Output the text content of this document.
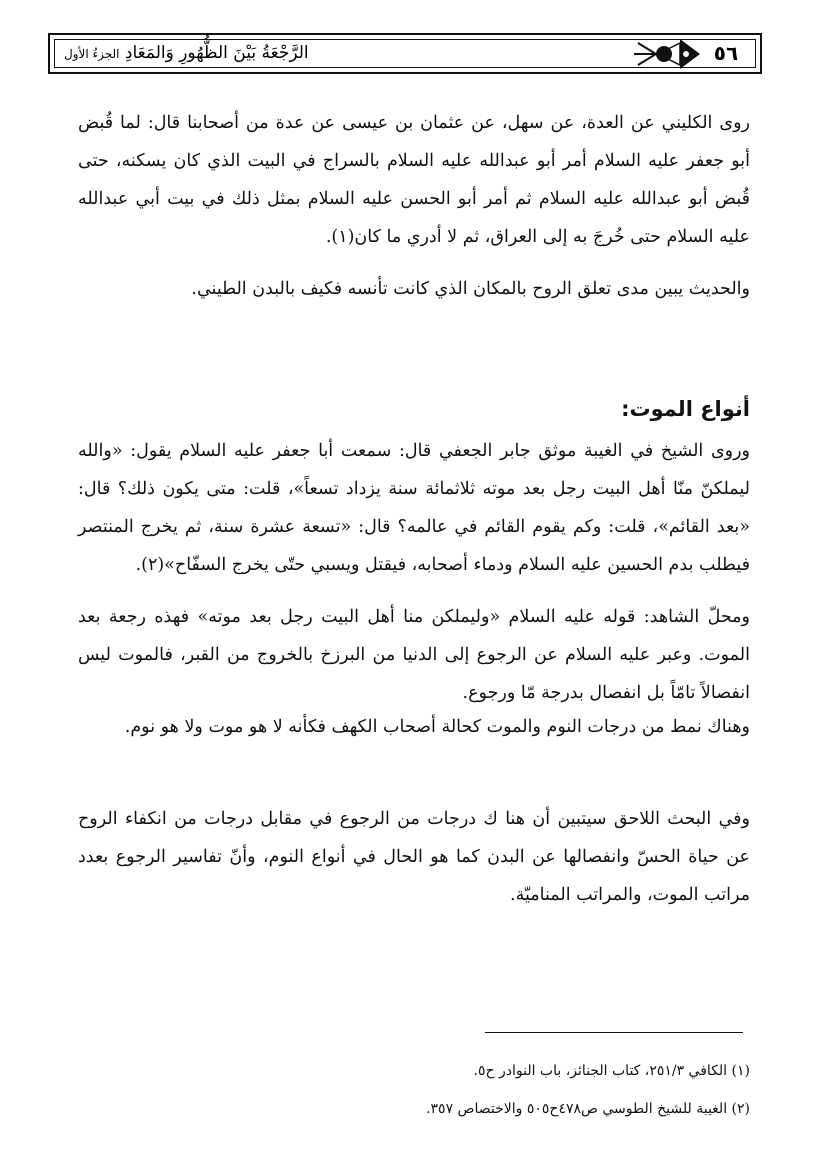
٥٦
الرَّجْعَةُ بَيْنَ الظُّهُورِ وَالمَعَادِ الجزءُ الأول

روى الكليني عن العدة، عن سهل، عن عثمان بن عيسى عن عدة من أصحابنا قال: لما قُبض أبو جعفر عليه السلام أمر أبو عبدالله عليه السلام بالسراج في البيت الذي كان يسكنه، حتى قُبض أبو عبدالله عليه السلام ثم أمر أبو الحسن عليه السلام بمثل ذلك في بيت أبي عبدالله عليه السلام حتى خُرجَ به إلى العراق، ثم لا أدري ما كان(١).

والحديث يبين مدى تعلق الروح بالمكان الذي كانت تأنسه فكيف بالبدن الطيني.

أنواع الموت:

وروى الشيخ في الغيبة موثق جابر الجعفي قال: سمعت أبا جعفر عليه السلام يقول: «والله ليملكنّ منّا أهل البيت رجل بعد موته ثلاثمائة سنة يزداد تسعاً»، قلت: متى يكون ذلك؟ قال: «بعد القائم»، قلت: وكم يقوم القائم في عالمه؟ قال: «تسعة عشرة سنة، ثم يخرج المنتصر فيطلب بدم الحسين عليه السلام ودماء أصحابه، فيقتل ويسبي حتّى يخرج السفّاح»(٢).

ومحلّ الشاهد: قوله عليه السلام «وليملكن منا أهل البيت رجل بعد موته» فهذه رجعة بعد الموت. وعبر عليه السلام عن الرجوع إلى الدنيا من البرزخ بالخروج من القبر، فالموت ليس انفصالاً تامّاً بل انفصال بدرجة مّا ورجوع.

وهناك نمط من درجات النوم والموت كحالة أصحاب الكهف فكأنه لا هو موت ولا هو نوم.

وفي البحث اللاحق سيتبين أن هنا ك درجات من الرجوع في مقابل درجات من انكفاء الروح عن حياة الحسّ وانفصالها عن البدن كما هو الحال في أنواع النوم، وأنّ تفاسير الرجوع بعدد مراتب الموت، والمراتب المناميّة.

(١) الكافي ٢٥١/٣، كتاب الجنائز، باب النوادر ح٥.

(٢) الغيبة للشيخ الطوسي ص٤٧٨ح٥٠٥ والاختصاص ٣٥٧.
